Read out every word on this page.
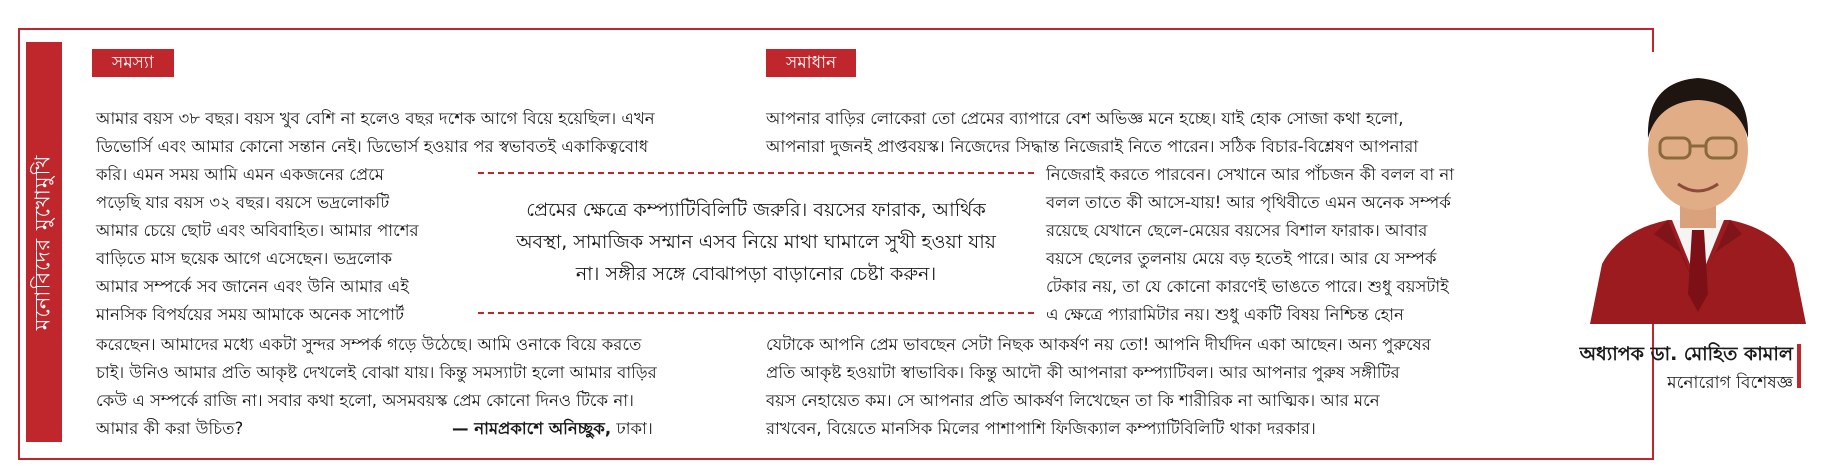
মনোবিদের মুখোমুখি
সমস্যা	সমাধান
আমার বয়স ৩৮ বছর। বয়স খুব বেশি না হলেও বছর দশেক আগে বিয়ে হয়েছিল। এখন
ডিভোর্সি এবং আমার কোনো সন্তান নেই। ডিভোর্স হওয়ার পর স্বভাবতই একাকিত্ববোধ
করি। এমন সময় আমি এমন একজনের প্রেমে
পড়েছি যার বয়স ৩২ বছর। বয়সে ভদ্রলোকটি
আমার চেয়ে ছোট এবং অবিবাহিত। আমার পাশের
বাড়িতে মাস ছয়েক আগে এসেছেন। ভদ্রলোক
আমার সম্পর্কে সব জানেন এবং উনি আমার এই
মানসিক বিপর্যয়ের সময় আমাকে অনেক সাপোর্ট
করেছেন। আমাদের মধ্যে একটা সুন্দর সম্পর্ক গড়ে উঠেছে। আমি ওনাকে বিয়ে করতে
চাই। উনিও আমার প্রতি আকৃষ্ট দেখলেই বোঝা যায়। কিন্তু সমস্যাটা হলো আমার বাড়ির
কেউ এ সম্পর্কে রাজি না। সবার কথা হলো, অসমবয়স্ক প্রেম কোনো দিনও টিকে না।
আমার কী করা উচিত?	— নামপ্রকাশে অনিচ্ছুক, ঢাকা।
আপনার বাড়ির লোকেরা তো প্রেমের ব্যাপারে বেশ অভিজ্ঞ মনে হচ্ছে। যাই হোক সোজা কথা হলো,
আপনারা দুজনই প্রাপ্তবয়স্ক। নিজেদের সিদ্ধান্ত নিজেরাই নিতে পারেন। সঠিক বিচার-বিশ্লেষণ আপনারা
নিজেরাই করতে পারবেন। সেখানে আর পাঁচজন কী বলল বা না
বলল তাতে কী আসে-যায়! আর পৃথিবীতে এমন অনেক সম্পর্ক
রয়েছে যেখানে ছেলে-মেয়ের বয়সের বিশাল ফারাক। আবার
বয়সে ছেলের তুলনায় মেয়ে বড় হতেই পারে। আর যে সম্পর্ক
টেকার নয়, তা যে কোনো কারণেই ভাঙতে পারে। শুধু বয়সটাই
এ ক্ষেত্রে প্যারামিটার নয়। শুধু একটি বিষয় নিশ্চিন্ত হোন
যেটাকে আপনি প্রেম ভাবছেন সেটা নিছক আকর্ষণ নয় তো! আপনি দীর্ঘদিন একা আছেন। অন্য পুরুষের
প্রতি আকৃষ্ট হওয়াটা স্বাভাবিক। কিন্তু আদৌ কী আপনারা কম্প্যাটিবল। আর আপনার পুরুষ সঙ্গীটির
বয়স নেহায়েত কম। সে আপনার প্রতি আকর্ষণ লিখেছেন তা কি শারীরিক না আত্মিক। আর মনে
রাখবেন, বিয়েতে মানসিক মিলের পাশাপাশি ফিজিক্যাল কম্প্যাটিবিলিটি থাকা দরকার।
প্রেমের ক্ষেত্রে কম্প্যাটিবিলিটি জরুরি। বয়সের ফারাক, আর্থিক
অবস্থা, সামাজিক সম্মান এসব নিয়ে মাথা ঘামালে সুখী হওয়া যায়
না। সঙ্গীর সঙ্গে বোঝাপড়া বাড়ানোর চেষ্টা করুন।
অধ্যাপক ডা. মোহিত কামাল
মনোরোগ বিশেষজ্ঞ
